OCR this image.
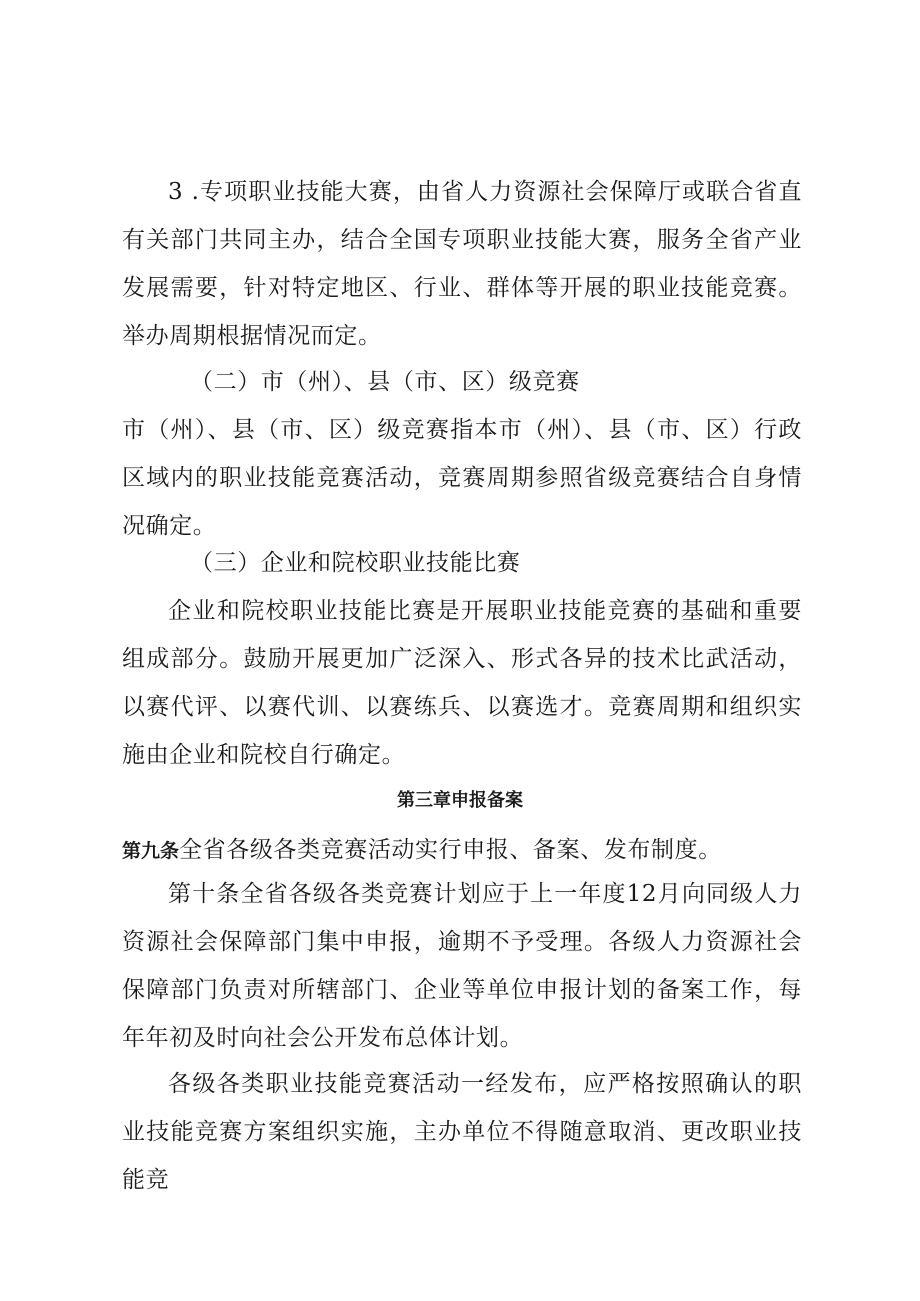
3 .专项职业技能大赛，由省人力资源社会保障厅或联合省直有关部门共同主办，结合全国专项职业技能大赛，服务全省产业发展需要，针对特定地区、行业、群体等开展的职业技能竞赛。举办周期根据情况而定。

（二）市（州）、县（市、区）级竞赛

市（州）、县（市、区）级竞赛指本市（州）、县（市、区）行政区域内的职业技能竞赛活动，竞赛周期参照省级竞赛结合自身情况确定。

（三）企业和院校职业技能比赛

企业和院校职业技能比赛是开展职业技能竞赛的基础和重要组成部分。鼓励开展更加广泛深入、形式各异的技术比武活动，以赛代评、以赛代训、以赛练兵、以赛选才。竞赛周期和组织实施由企业和院校自行确定。

第三章申报备案

第九条全省各级各类竞赛活动实行申报、备案、发布制度。

第十条全省各级各类竞赛计划应于上一年度12月向同级人力资源社会保障部门集中申报，逾期不予受理。各级人力资源社会保障部门负责对所辖部门、企业等单位申报计划的备案工作，每年年初及时向社会公开发布总体计划。

各级各类职业技能竞赛活动一经发布，应严格按照确认的职业技能竞赛方案组织实施，主办单位不得随意取消、更改职业技能竞
